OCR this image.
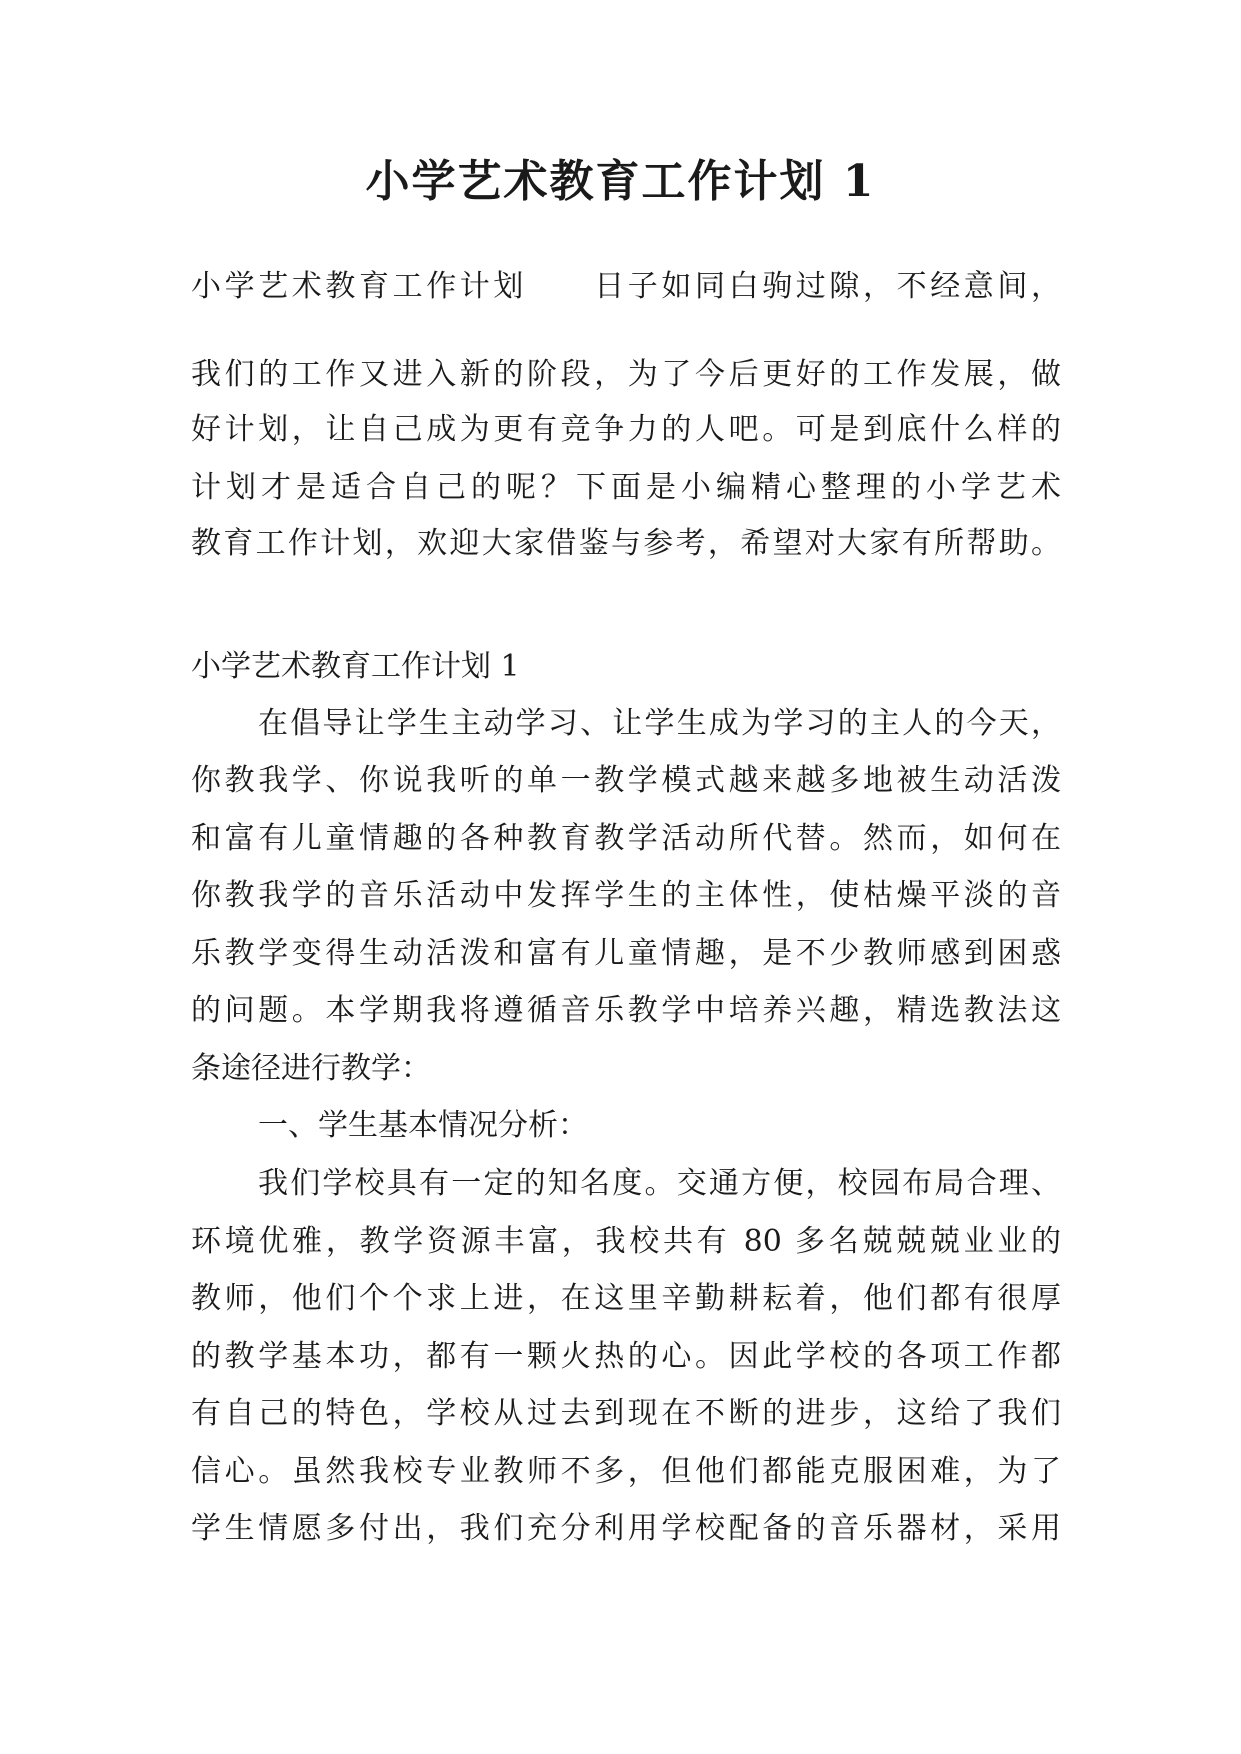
小学艺术教育工作计划 1

小学艺术教育工作计划　　日子如同白驹过隙，不经意间，

我们的工作又进入新的阶段，为了今后更好的工作发展，做

好计划，让自己成为更有竞争力的人吧。可是到底什么样的

计划才是适合自己的呢？下面是小编精心整理的小学艺术

教育工作计划，欢迎大家借鉴与参考，希望对大家有所帮助。

小学艺术教育工作计划 1

在倡导让学生主动学习、让学生成为学习的主人的今天，

你教我学、你说我听的单一教学模式越来越多地被生动活泼

和富有儿童情趣的各种教育教学活动所代替。然而，如何在

你教我学的音乐活动中发挥学生的主体性，使枯燥平淡的音

乐教学变得生动活泼和富有儿童情趣，是不少教师感到困惑

的问题。本学期我将遵循音乐教学中培养兴趣，精选教法这

条途径进行教学：

一、学生基本情况分析：

我们学校具有一定的知名度。交通方便，校园布局合理、

环境优雅，教学资源丰富，我校共有 80 多名兢兢兢业业的

教师，他们个个求上进，在这里辛勤耕耘着，他们都有很厚

的教学基本功，都有一颗火热的心。因此学校的各项工作都

有自己的特色，学校从过去到现在不断的进步，这给了我们

信心。虽然我校专业教师不多，但他们都能克服困难，为了

学生情愿多付出，我们充分利用学校配备的音乐器材，采用
